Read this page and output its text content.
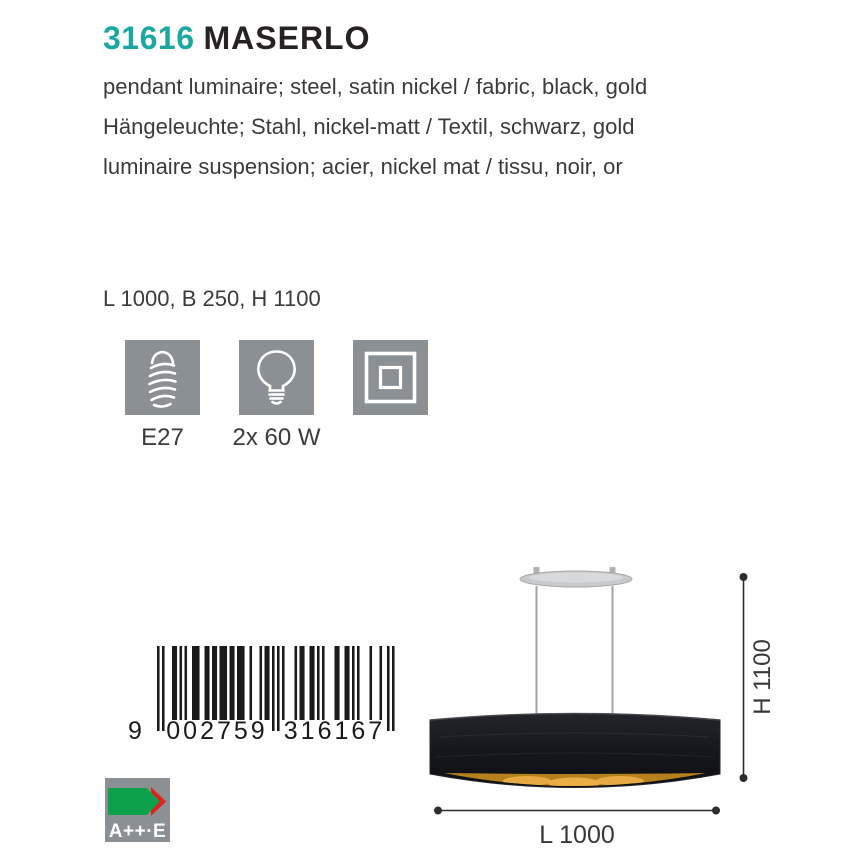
31616 MASERLO
pendant luminaire; steel, satin nickel / fabric, black, gold
Hängeleuchte; Stahl, nickel-matt / Textil, schwarz, gold
luminaire suspension; acier, nickel mat / tissu, noir, or
L 1000, B 250, H 1100
E27 2x 60 W
9 002759 316167
A++·E
H 1100
L 1000
